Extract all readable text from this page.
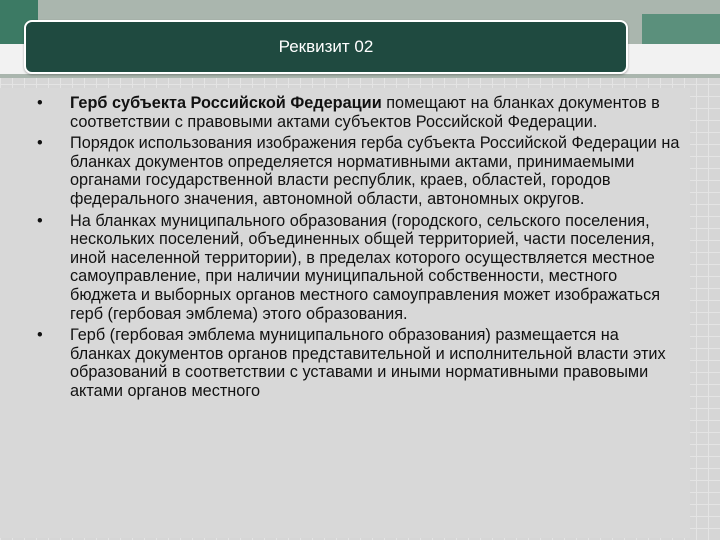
Реквизит 02
• Герб субъекта Российской Федерации помещают на бланках документов в соответствии с правовыми актами субъектов Российской Федерации.
• Порядок использования изображения герба субъекта Российской Федерации на бланках документов определяется нормативными актами, принимаемыми органами государственной власти республик, краев, областей, городов федерального значения, автономной области, автономных округов.
• На бланках муниципального образования (городского, сельского поселения, нескольких поселений, объединенных общей территорией, части поселения, иной населенной территории), в пределах которого осуществляется местное самоуправление, при наличии муниципальной собственности, местного бюджета и выборных органов местного самоуправления может изображаться герб (гербовая эмблема) этого образования.
• Герб (гербовая эмблема муниципального образования) размещается на бланках документов органов представительной и исполнительной власти этих образований в соответствии с уставами и иными нормативными правовыми актами органов местного
